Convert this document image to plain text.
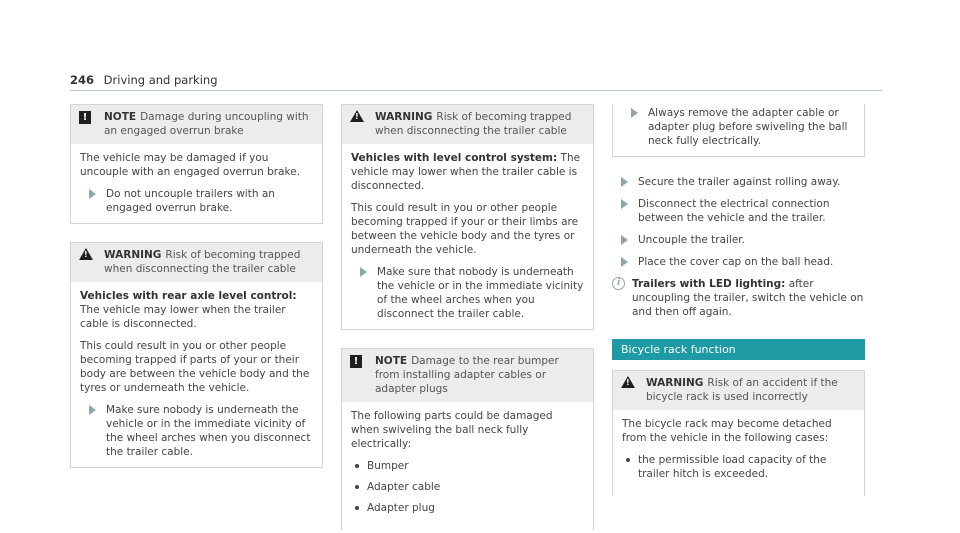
246 Driving and parking
!	NOTE Damage during uncoupling with an engaged overrun brake

The vehicle may be damaged if you uncouple with an engaged overrun brake.

Do not uncouple trailers with an engaged overrun brake.
!
WARNING Risk of becoming trapped when disconnecting the trailer cable

Vehicles with rear axle level control: The vehicle may lower when the trailer cable is disconnected.

This could result in you or other people becoming trapped if parts of your or their body are between the vehicle body and the tyres or underneath the vehicle.

Make sure nobody is underneath the vehicle or in the immediate vicinity of the wheel arches when you disconnect the trailer cable.
!
WARNING Risk of becoming trapped when disconnecting the trailer cable

Vehicles with level control system: The vehicle may lower when the trailer cable is disconnected.

This could result in you or other people becoming trapped if your or their limbs are between the vehicle body and the tyres or underneath the vehicle.

Make sure that nobody is underneath the vehicle or in the immediate vicinity of the wheel arches when you disconnect the trailer cable.
!	NOTE Damage to the rear bumper from installing adapter cables or adapter plugs

The following parts could be damaged when swiveling the ball neck fully electrically:

Bumper
Adapter cable
Adapter plug
Always remove the adapter cable or adapter plug before swiveling the ball neck fully electrically.
Secure the trailer against rolling away.
Disconnect the electrical connection between the vehicle and the trailer.
Uncouple the trailer.
Place the cover cap on the ball head.
i	Trailers with LED lighting: after uncoupling the trailer, switch the vehicle on and then off again.
Bicycle rack function
!
WARNING Risk of an accident if the bicycle rack is used incorrectly

The bicycle rack may become detached from the vehicle in the following cases:

the permissible load capacity of the trailer hitch is exceeded.
